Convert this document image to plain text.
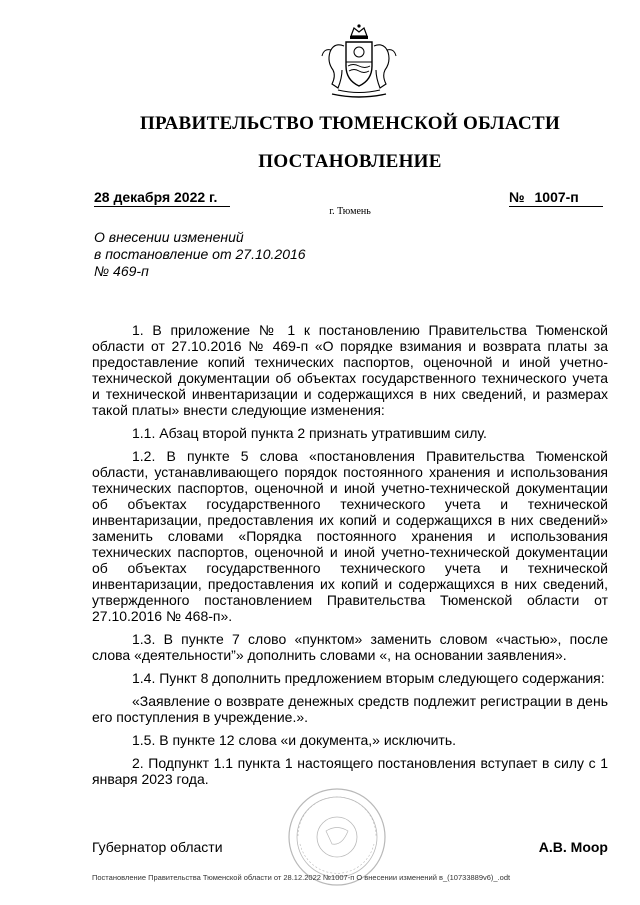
ПРАВИТЕЛЬСТВО ТЮМЕНСКОЙ ОБЛАСТИ
ПОСТАНОВЛЕНИЕ
28 декабря 2022 г.	№ 1007-п
г. Тюмень
О внесении изменений
в постановление от 27.10.2016
№ 469-п

1. В приложение № 1 к постановлению Правительства Тюменской области от 27.10.2016 № 469-п «О порядке взимания и возврата платы за предоставление копий технических паспортов, оценочной и иной учетно-технической документации об объектах государственного технического учета и технической инвентаризации и содержащихся в них сведений, и размерах такой платы» внести следующие изменения:

1.1. Абзац второй пункта 2 признать утратившим силу.

1.2. В пункте 5 слова «постановления Правительства Тюменской области, устанавливающего порядок постоянного хранения и использования технических паспортов, оценочной и иной учетно-технической документации об объектах государственного технического учета и технической инвентаризации, предоставления их копий и содержащихся в них сведений» заменить словами «Порядка постоянного хранения и использования технических паспортов, оценочной и иной учетно-технической документации об объектах государственного технического учета и технической инвентаризации, предоставления их копий и содержащихся в них сведений, утвержденного постановлением Правительства Тюменской области от 27.10.2016 № 468-п».

1.3. В пункте 7 слово «пунктом» заменить словом «частью», после слова «деятельности”» дополнить словами «, на основании заявления».

1.4. Пункт 8 дополнить предложением вторым следующего содержания:

«Заявление о возврате денежных средств подлежит регистрации в день его поступления в учреждение.».

1.5. В пункте 12 слова «и документа,» исключить.

2. Подпункт 1.1 пункта 1 настоящего постановления вступает в силу с 1 января 2023 года.

Губернатор области	А.В. Моор
Постановление Правительства Тюменской области от 28.12.2022 №1007-п О внесении изменений в_(10733889v6)_.odt
